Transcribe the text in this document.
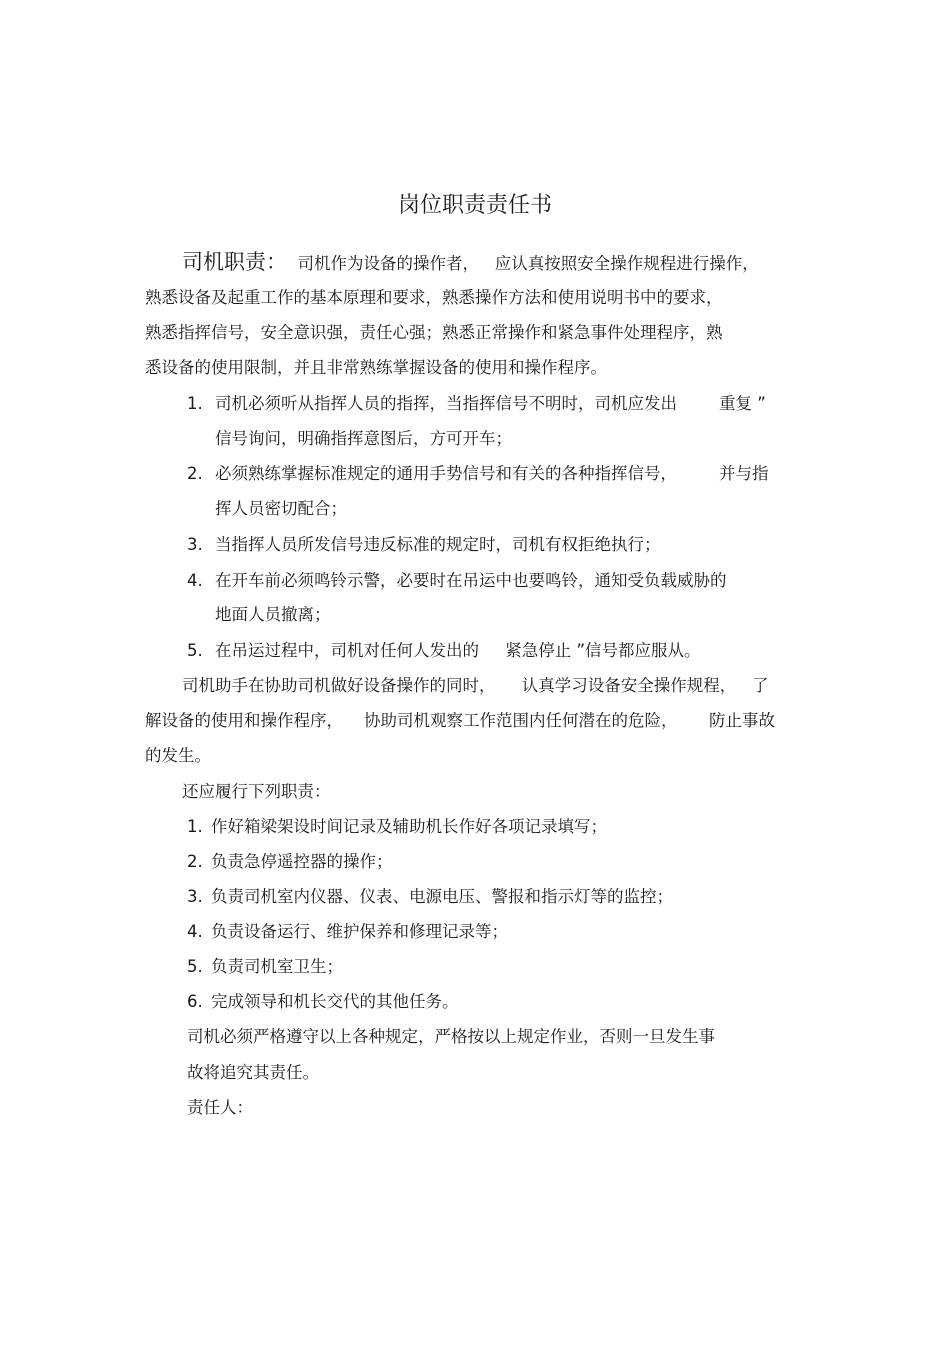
岗位职责责任书
司机职责：  司机作为设备的操作者，   应认真按照安全操作规程进行操作，
熟悉设备及起重工作的基本原理和要求，熟悉操作方法和使用说明书中的要求，
熟悉指挥信号，安全意识强，责任心强；熟悉正常操作和紧急事件处理程序，熟
悉设备的使用限制，并且非常熟练掌握设备的使用和操作程序。
1. 司机必须听从指挥人员的指挥，当指挥信号不明时，司机应发出        重复 ”
信号询问，明确指挥意图后，方可开车；
2. 必须熟练掌握标准规定的通用手势信号和有关的各种指挥信号，        并与指
挥人员密切配合；
3. 当指挥人员所发信号违反标准的规定时，司机有权拒绝执行；
4. 在开车前必须鸣铃示警，必要时在吊运中也要鸣铃，通知受负载威胁的
地面人员撤离；
5. 在吊运过程中，司机对任何人发出的     紧急停止 ”信号都应服从。
司机助手在协助司机做好设备操作的同时，     认真学习设备安全操作规程，   了
解设备的使用和操作程序，    协助司机观察工作范围内任何潜在的危险，      防止事故
的发生。
还应履行下列职责：
1. 作好箱梁架设时间记录及辅助机长作好各项记录填写；
2. 负责急停遥控器的操作；
3. 负责司机室内仪器、仪表、电源电压、警报和指示灯等的监控；
4. 负责设备运行、维护保养和修理记录等；
5. 负责司机室卫生；
6. 完成领导和机长交代的其他任务。
司机必须严格遵守以上各种规定，严格按以上规定作业，否则一旦发生事
故将追究其责任。
责任人：
